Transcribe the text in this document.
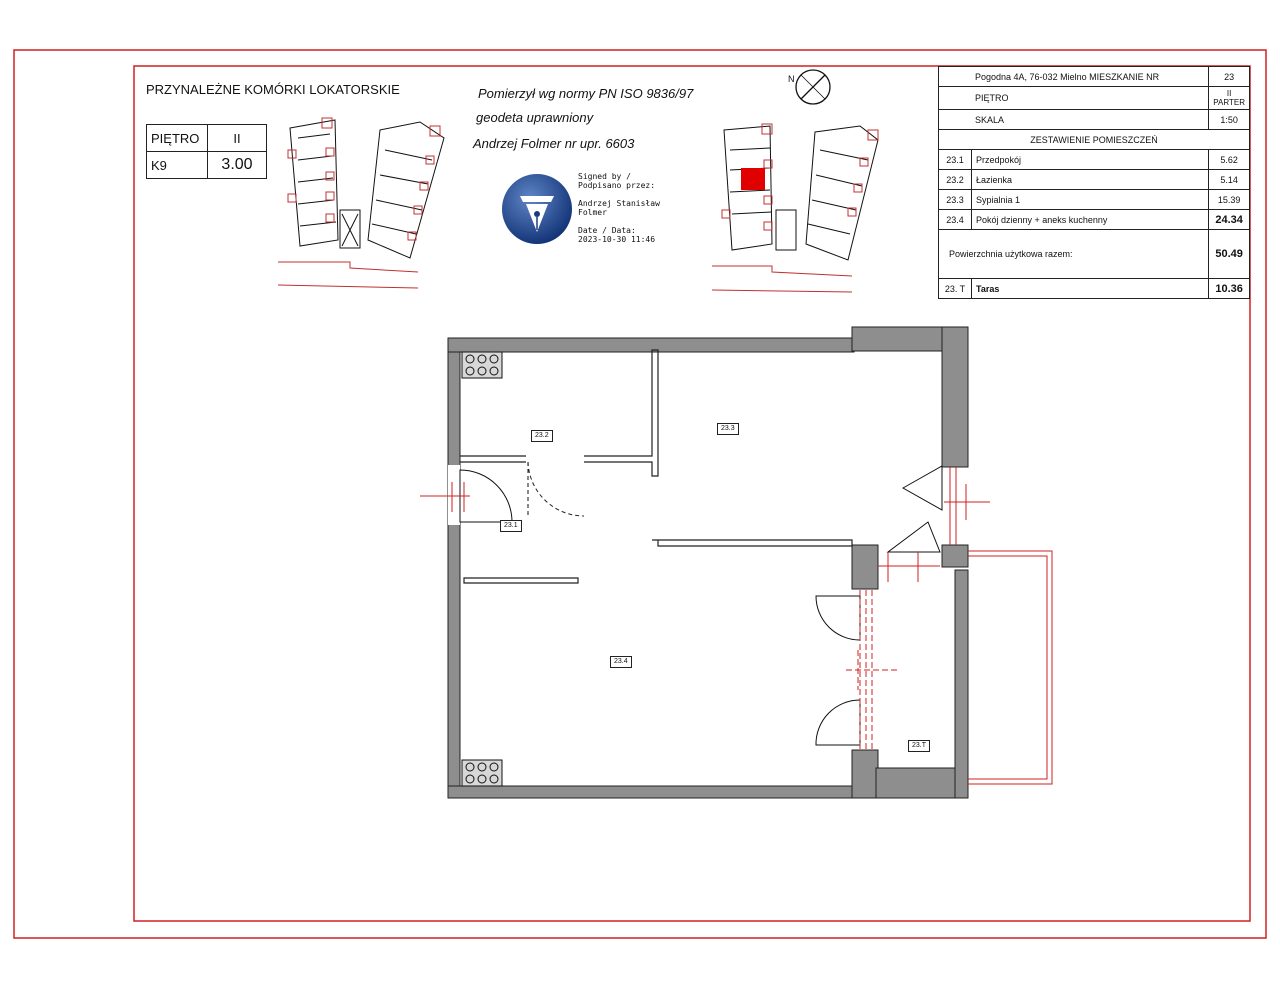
PRZYNALEŻNE KOMÓRKI LOKATORSKIE
PIĘTRO	II
K9	3.00
Pomierzył wg normy PN ISO 9836/97
geodeta uprawniony
Andrzej Folmer nr upr. 6603
Signed by /
Podpisano przez:

Andrzej Stanisław
Folmer

Date / Data:
2023-10-30 11:46
N	Pogodna 4A, 76-032 Mielno MIESZKANIE NR		23
PIĘTRO		II PARTER
SKALA		1:50
ZESTAWIENIE POMIESZCZEŃ		
23.1	Przedpokój	5.62
23.2	Łazienka	5.14
23.3	Sypialnia 1	15.39
23.4	Pokój dzienny + aneks kuchenny	24.34
Powierzchnia użytkowa razem:		50.49
23. T	Taras	10.36
23.2
23.3
23.1
23.4
23.T
